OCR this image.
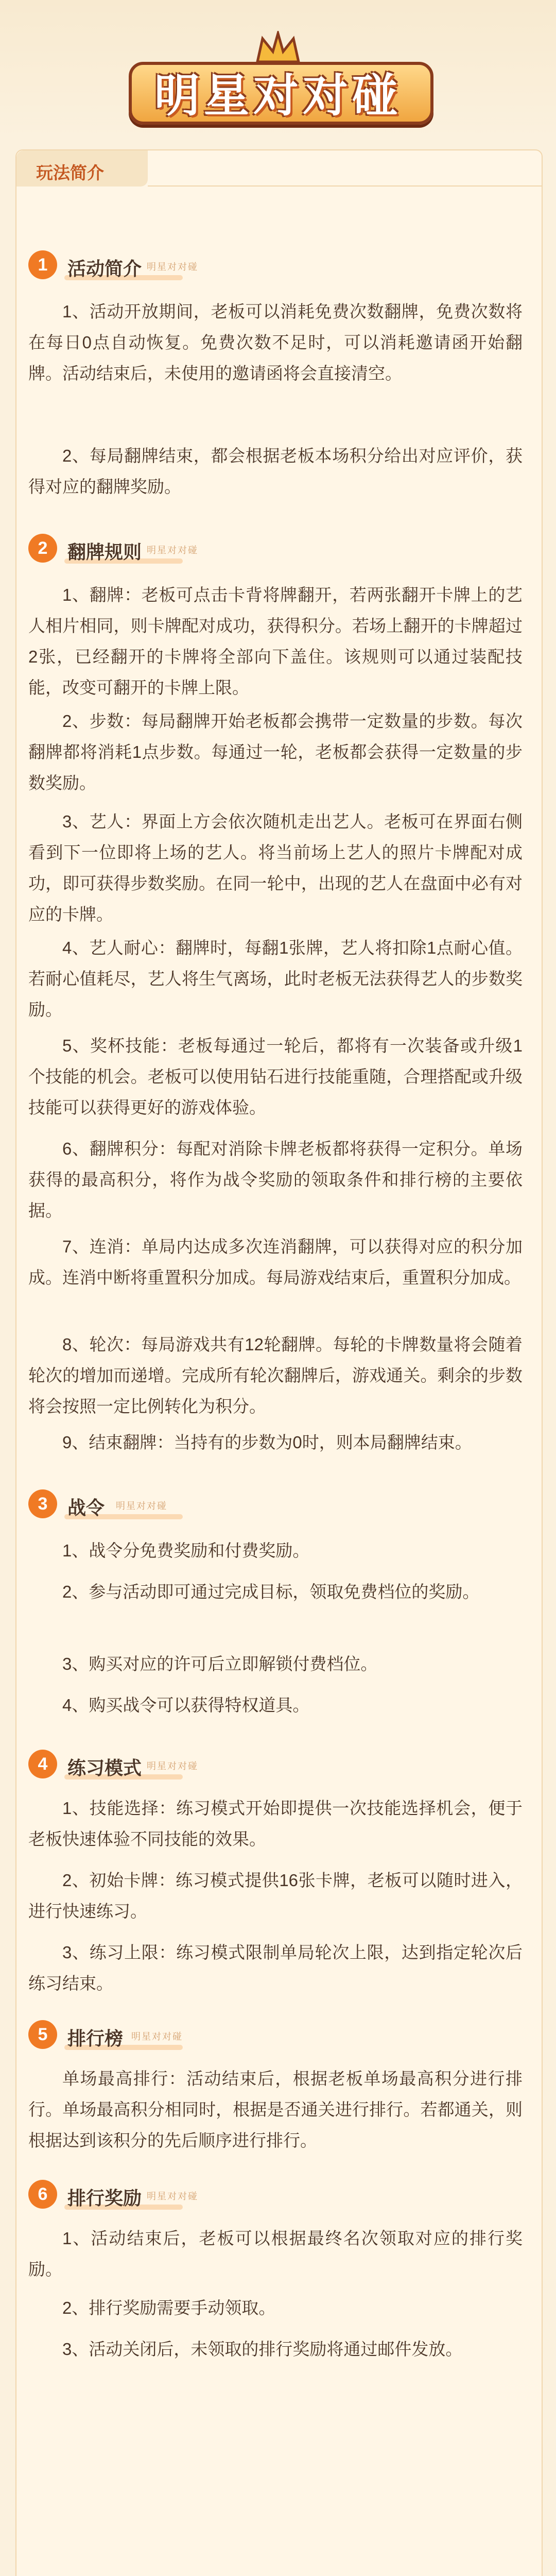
明星对对碰
玩法简介
1	活动简介 明星对对碰

1、活动开放期间，老板可以消耗免费次数翻牌，免费次数将在每日0点自动恢复。免费次数不足时，可以消耗邀请函开始翻牌。活动结束后，未使用的邀请函将会直接清空。

2、每局翻牌结束，都会根据老板本场积分给出对应评价，获得对应的翻牌奖励。

2	翻牌规则 明星对对碰

1、翻牌：老板可点击卡背将牌翻开，若两张翻开卡牌上的艺人相片相同，则卡牌配对成功，获得积分。若场上翻开的卡牌超过2张，已经翻开的卡牌将全部向下盖住。该规则可以通过装配技能，改变可翻开的卡牌上限。

2、步数：每局翻牌开始老板都会携带一定数量的步数。每次翻牌都将消耗1点步数。每通过一轮，老板都会获得一定数量的步数奖励。

3、艺人：界面上方会依次随机走出艺人。老板可在界面右侧看到下一位即将上场的艺人。将当前场上艺人的照片卡牌配对成功，即可获得步数奖励。在同一轮中，出现的艺人在盘面中必有对应的卡牌。

4、艺人耐心：翻牌时，每翻1张牌，艺人将扣除1点耐心值。若耐心值耗尽，艺人将生气离场，此时老板无法获得艺人的步数奖励。

5、奖杯技能：老板每通过一轮后，都将有一次装备或升级1个技能的机会。老板可以使用钻石进行技能重随，合理搭配或升级技能可以获得更好的游戏体验。

6、翻牌积分：每配对消除卡牌老板都将获得一定积分。单场获得的最高积分，将作为战令奖励的领取条件和排行榜的主要依据。

7、连消：单局内达成多次连消翻牌，可以获得对应的积分加成。连消中断将重置积分加成。每局游戏结束后，重置积分加成。

8、轮次：每局游戏共有12轮翻牌。每轮的卡牌数量将会随着轮次的增加而递增。完成所有轮次翻牌后，游戏通关。剩余的步数将会按照一定比例转化为积分。

9、结束翻牌：当持有的步数为0时，则本局翻牌结束。

3	战令 明星对对碰

1、战令分免费奖励和付费奖励。

2、参与活动即可通过完成目标，领取免费档位的奖励。

3、购买对应的许可后立即解锁付费档位。

4、购买战令可以获得特权道具。

4	练习模式 明星对对碰

1、技能选择：练习模式开始即提供一次技能选择机会，便于老板快速体验不同技能的效果。

2、初始卡牌：练习模式提供16张卡牌，老板可以随时进入，进行快速练习。

3、练习上限：练习模式限制单局轮次上限，达到指定轮次后练习结束。

5	排行榜 明星对对碰

单场最高排行：活动结束后，根据老板单场最高积分进行排行。单场最高积分相同时，根据是否通关进行排行。若都通关，则根据达到该积分的先后顺序进行排行。

6	排行奖励 明星对对碰

1、活动结束后，老板可以根据最终名次领取对应的排行奖励。

2、排行奖励需要手动领取。

3、活动关闭后，未领取的排行奖励将通过邮件发放。
